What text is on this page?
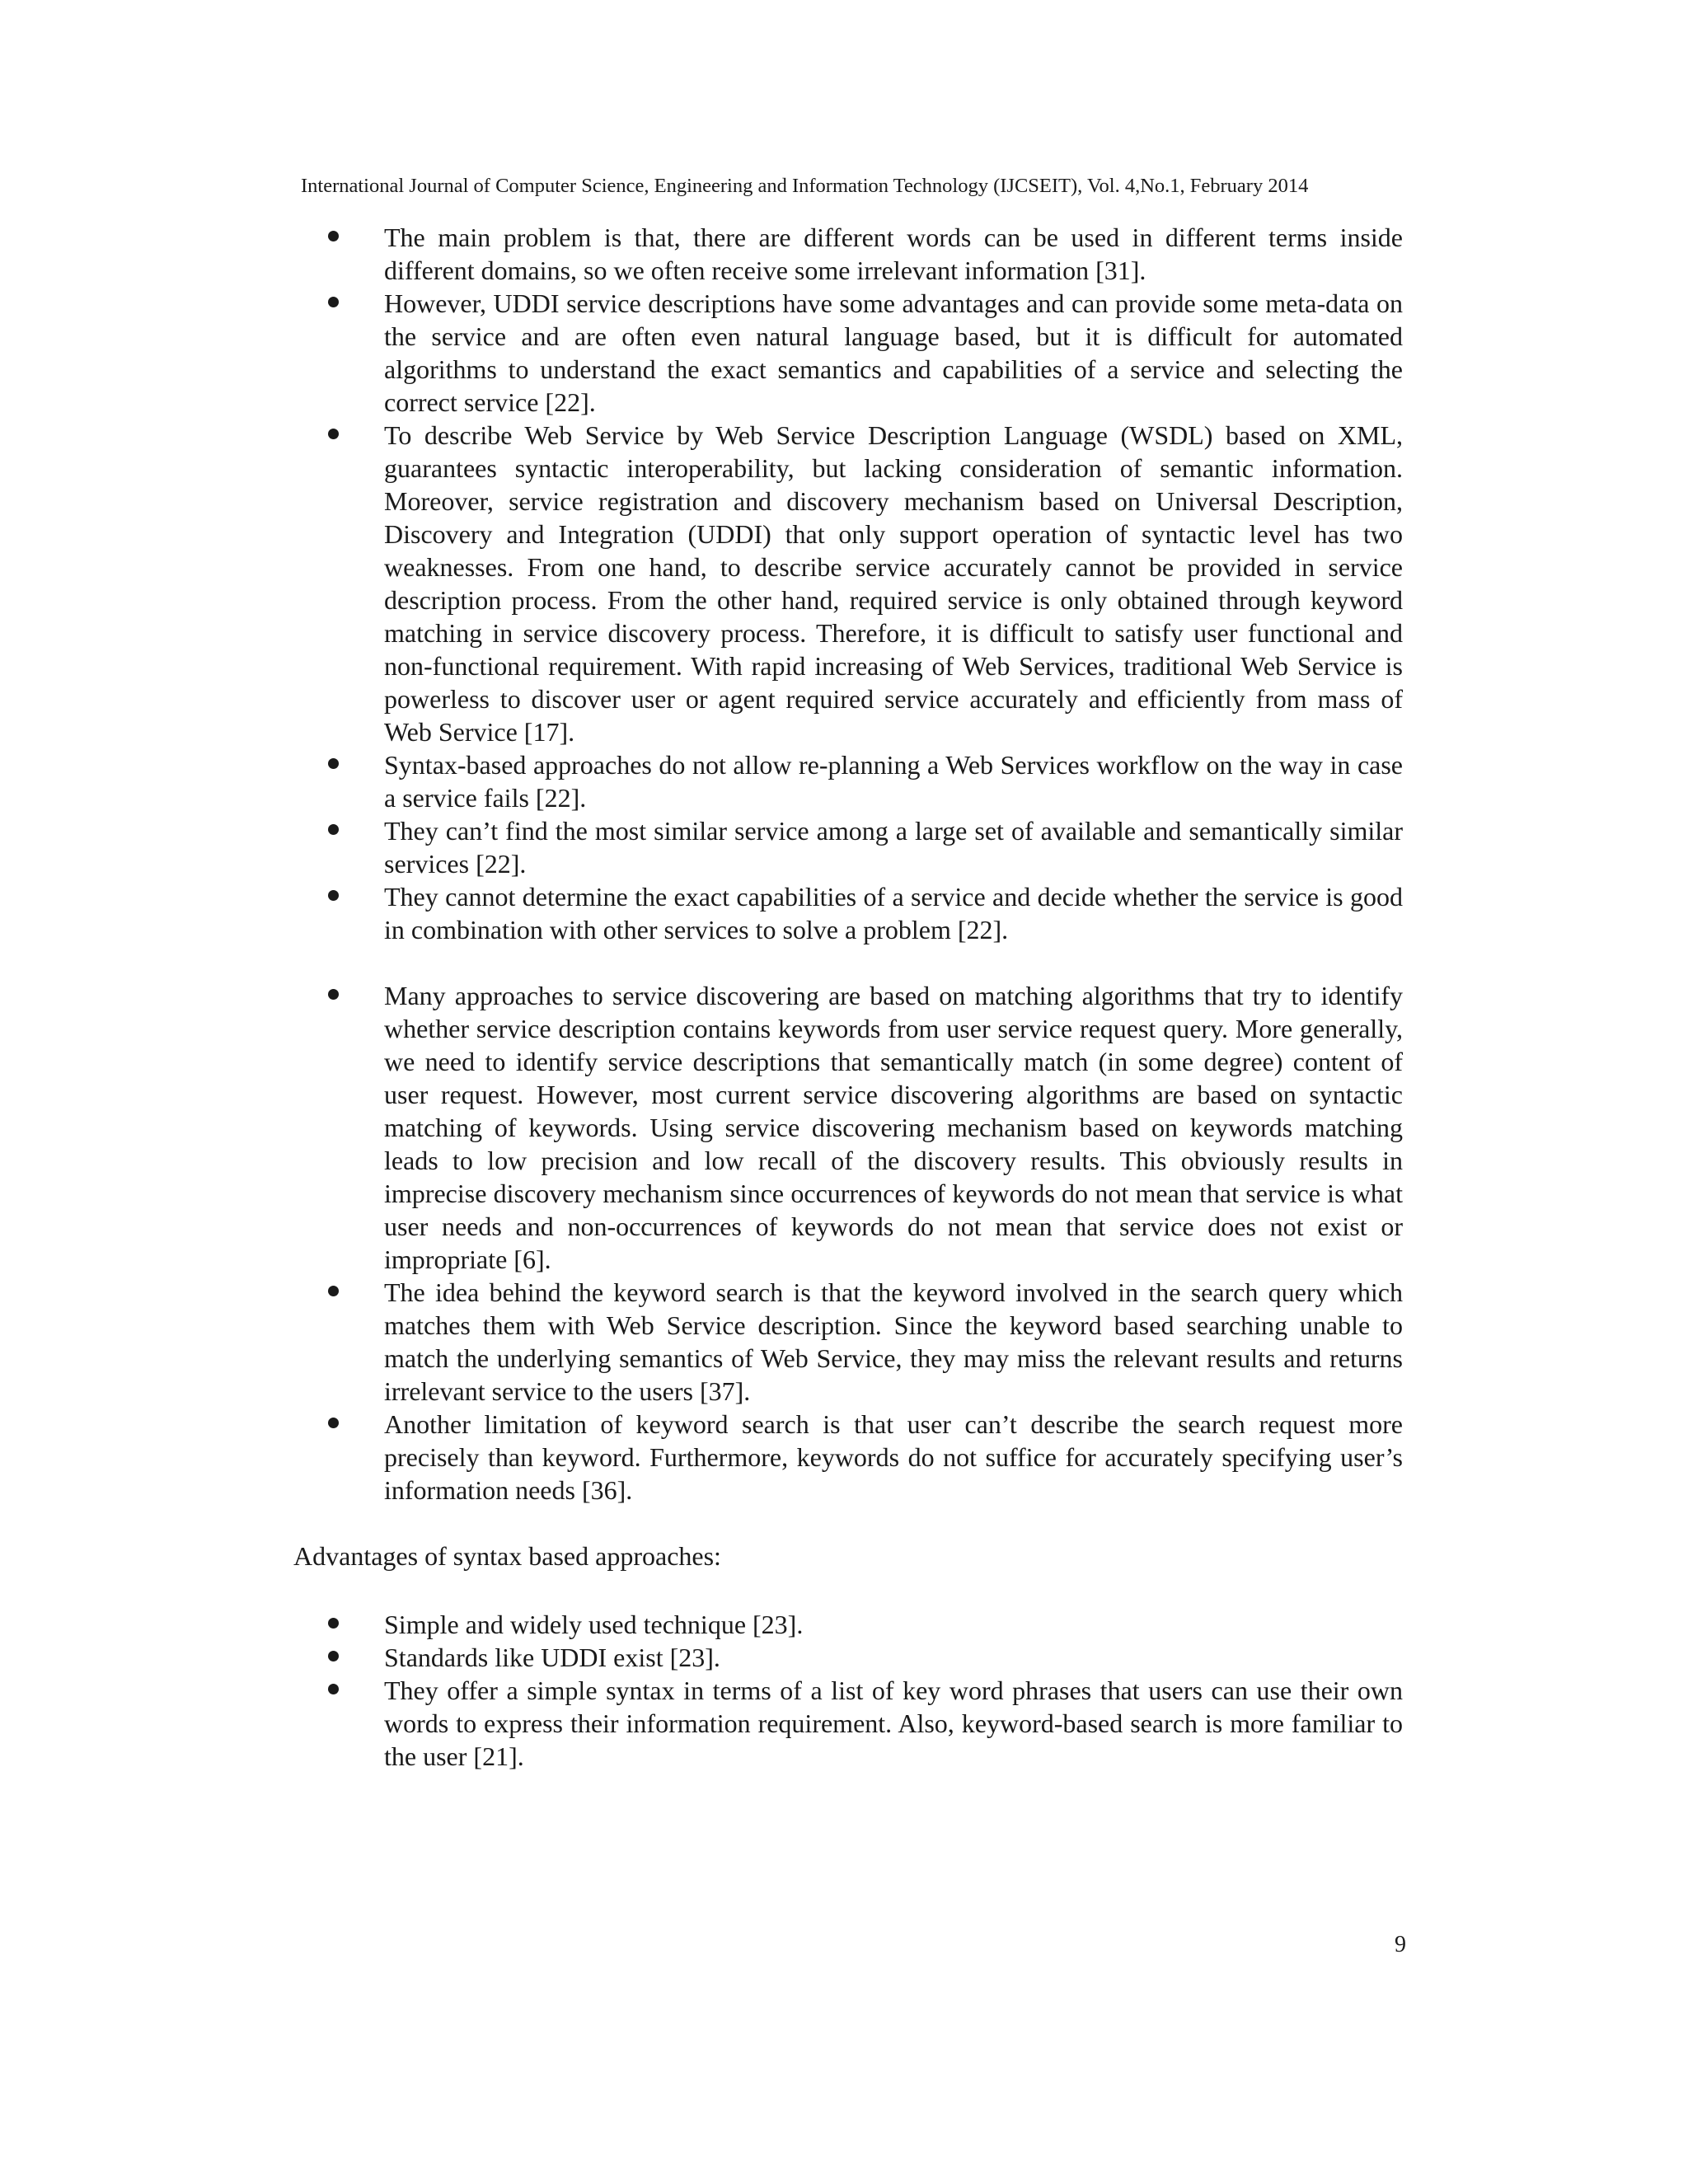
International Journal of Computer Science, Engineering and Information Technology (IJCSEIT), Vol. 4,No.1, February 2014
The main problem is that, there are different words can be used in different terms inside different domains, so we often receive some irrelevant information [31].
However, UDDI service descriptions have some advantages and can provide some meta-data on the service and are often even natural language based, but it is difficult for automated algorithms to understand the exact semantics and capabilities of a service and selecting the correct service [22].
To describe Web Service by Web Service Description Language (WSDL) based on XML, guarantees syntactic interoperability, but lacking consideration of semantic information. Moreover, service registration and discovery mechanism based on Universal Description, Discovery and Integration (UDDI) that only support operation of syntactic level has two weaknesses. From one hand, to describe service accurately cannot be provided in service description process. From the other hand, required service is only obtained through keyword matching in service discovery process. Therefore, it is difficult to satisfy user functional and non-functional requirement. With rapid increasing of Web Services, traditional Web Service is powerless to discover user or agent required service accurately and efficiently from mass of Web Service [17].
Syntax-based approaches do not allow re-planning a Web Services workflow on the way in case a service fails [22].
They can’t find the most similar service among a large set of available and semantically similar services [22].
They cannot determine the exact capabilities of a service and decide whether the service is good in combination with other services to solve a problem [22].
Many approaches to service discovering are based on matching algorithms that try to identify whether service description contains keywords from user service request query. More generally, we need to identify service descriptions that semantically match (in some degree) content of user request. However, most current service discovering algorithms are based on syntactic matching of keywords. Using service discovering mechanism based on keywords matching leads to low precision and low recall of the discovery results. This obviously results in imprecise discovery mechanism since occurrences of keywords do not mean that service is what user needs and non-occurrences of keywords do not mean that service does not exist or impropriate [6].
The idea behind the keyword search is that the keyword involved in the search query which matches them with Web Service description. Since the keyword based searching unable to match the underlying semantics of Web Service, they may miss the relevant results and returns irrelevant service to the users [37].
Another limitation of keyword search is that user can’t describe the search request more precisely than keyword. Furthermore, keywords do not suffice for accurately specifying user’s information needs [36].
Advantages of syntax based approaches:
Simple and widely used technique [23].
Standards like UDDI exist [23].
They offer a simple syntax in terms of a list of key word phrases that users can use their own words to express their information requirement. Also, keyword-based search is more familiar to the user [21].
9
